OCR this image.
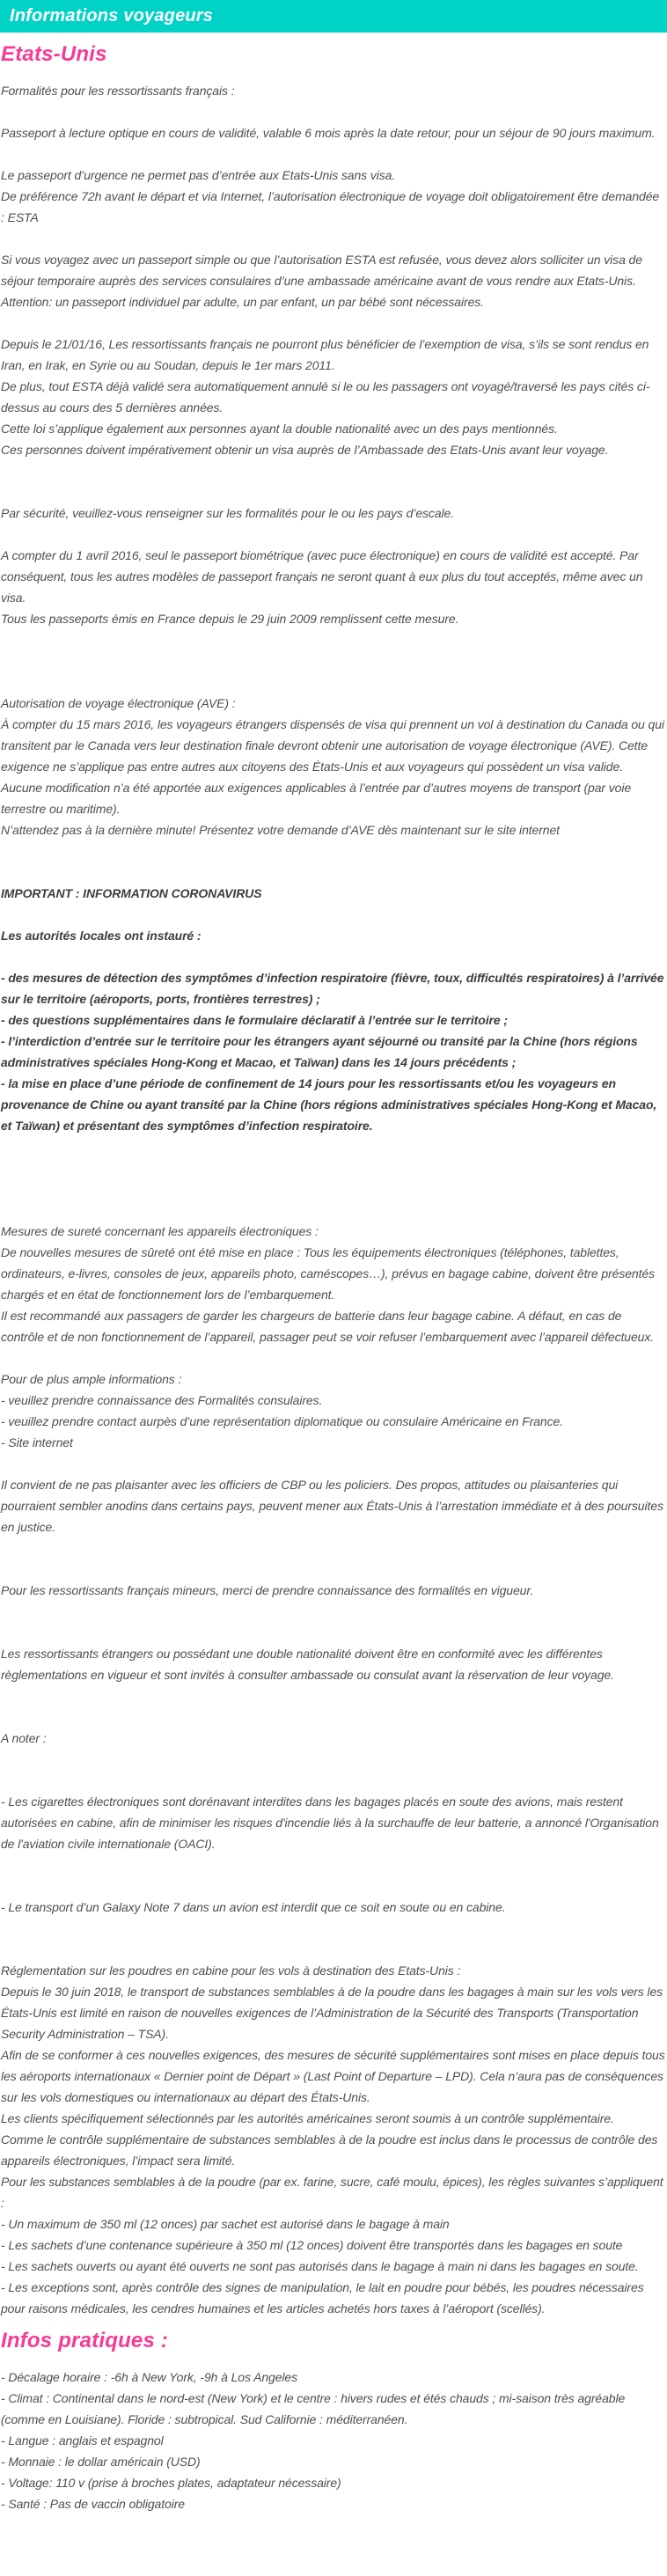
Informations voyageurs
Etats-Unis

Formalités pour les ressortissants français :

Passeport à lecture optique en cours de validité, valable 6 mois après la date retour, pour un séjour de 90 jours maximum.

Le passeport d’urgence ne permet pas d’entrée aux Etats-Unis sans visa.

De préférence 72h avant le départ et via Internet, l’autorisation électronique de voyage doit obligatoirement être demandée : ESTA

Si vous voyagez avec un passeport simple ou que l’autorisation ESTA est refusée, vous devez alors solliciter un visa de séjour temporaire auprès des services consulaires d’une ambassade américaine avant de vous rendre aux Etats-Unis.

Attention: un passeport individuel par adulte, un par enfant, un par bébé sont nécessaires.

Depuis le 21/01/16, Les ressortissants français ne pourront plus bénéficier de l’exemption de visa, s’ils se sont rendus en Iran, en Irak, en Syrie ou au Soudan, depuis le 1er mars 2011.

De plus, tout ESTA déjà validé sera automatiquement annulé si le ou les passagers ont voyagé/traversé les pays cités ci-dessus au cours des 5 dernières années.

Cette loi s’applique également aux personnes ayant la double nationalité avec un des pays mentionnés.

Ces personnes doivent impérativement obtenir un visa auprès de l’Ambassade des Etats-Unis avant leur voyage.

Par sécurité, veuillez-vous renseigner sur les formalités pour le ou les pays d’escale.

A compter du 1 avril 2016, seul le passeport biométrique (avec puce électronique) en cours de validité est accepté. Par conséquent, tous les autres modèles de passeport français ne seront quant à eux plus du tout acceptés, même avec un visa.

Tous les passeports émis en France depuis le 29 juin 2009 remplissent cette mesure.

Autorisation de voyage électronique (AVE) :

À compter du 15 mars 2016, les voyageurs étrangers dispensés de visa qui prennent un vol à destination du Canada ou qui transitent par le Canada vers leur destination finale devront obtenir une autorisation de voyage électronique (AVE). Cette exigence ne s’applique pas entre autres aux citoyens des États-Unis et aux voyageurs qui possèdent un visa valide. Aucune modification n’a été apportée aux exigences applicables à l’entrée par d’autres moyens de transport (par voie terrestre ou maritime).

N’attendez pas à la dernière minute! Présentez votre demande d’AVE dès maintenant sur le site internet

IMPORTANT : INFORMATION CORONAVIRUS

Les autorités locales ont instauré :

- des mesures de détection des symptômes d’infection respiratoire (fièvre, toux, difficultés respiratoires) à l’arrivée sur le territoire (aéroports, ports, frontières terrestres) ;

- des questions supplémentaires dans le formulaire déclaratif à l’entrée sur le territoire ;

- l’interdiction d’entrée sur le territoire pour les étrangers ayant séjourné ou transité par la Chine (hors régions administratives spéciales Hong-Kong et Macao, et Taïwan) dans les 14 jours précédents ;

- la mise en place d’une période de confinement de 14 jours pour les ressortissants et/ou les voyageurs en provenance de Chine ou ayant transité par la Chine (hors régions administratives spéciales Hong-Kong et Macao, et Taïwan) et présentant des symptômes d’infection respiratoire.

Mesures de sureté concernant les appareils électroniques :

De nouvelles mesures de sûreté ont été mise en place : Tous les équipements électroniques (téléphones, tablettes, ordinateurs, e-livres, consoles de jeux, appareils photo, caméscopes…), prévus en bagage cabine, doivent être présentés chargés et en état de fonctionnement lors de l’embarquement.

Il est recommandé aux passagers de garder les chargeurs de batterie dans leur bagage cabine. A défaut, en cas de contrôle et de non fonctionnement de l’appareil, passager peut se voir refuser l’embarquement avec l’appareil défectueux.

Pour de plus ample informations :

- veuillez prendre connaissance des Formalités consulaires.

- veuillez prendre contact aurpès d’une représentation diplomatique ou consulaire Américaine en France.

- Site internet

Il convient de ne pas plaisanter avec les officiers de CBP ou les policiers. Des propos, attitudes ou plaisanteries qui pourraient sembler anodins dans certains pays, peuvent mener aux États-Unis à l’arrestation immédiate et à des poursuites en justice.

Pour les ressortissants français mineurs, merci de prendre connaissance des formalités en vigueur.

Les ressortissants étrangers ou possédant une double nationalité doivent être en conformité avec les différentes règlementations en vigueur et sont invités à consulter ambassade ou consulat avant la réservation de leur voyage.

A noter :

- Les cigarettes électroniques sont dorénavant interdites dans les bagages placés en soute des avions, mais restent autorisées en cabine, afin de minimiser les risques d'incendie liés à la surchauffe de leur batterie, a annoncé l'Organisation de l'aviation civile internationale (OACI).

- Le transport d’un Galaxy Note 7 dans un avion est interdit que ce soit en soute ou en cabine.

Réglementation sur les poudres en cabine pour les vols à destination des Etats-Unis :

Depuis le 30 juin 2018, le transport de substances semblables à de la poudre dans les bagages à main sur les vols vers les États-Unis est limité en raison de nouvelles exigences de l’Administration de la Sécurité des Transports (Transportation Security Administration – TSA).

Afin de se conformer à ces nouvelles exigences, des mesures de sécurité supplémentaires sont mises en place depuis tous les aéroports internationaux « Dernier point de Départ » (Last Point of Departure – LPD). Cela n’aura pas de conséquences sur les vols domestiques ou internationaux au départ des États-Unis.

Les clients spécifiquement sélectionnés par les autorités américaines seront soumis à un contrôle supplémentaire.

Comme le contrôle supplémentaire de substances semblables à de la poudre est inclus dans le processus de contrôle des appareils électroniques, l’impact sera limité.

Pour les substances semblables à de la poudre (par ex. farine, sucre, café moulu, épices), les règles suivantes s’appliquent :

- Un maximum de 350 ml (12 onces) par sachet est autorisé dans le bagage à main

- Les sachets d’une contenance supérieure à 350 ml (12 onces) doivent être transportés dans les bagages en soute

- Les sachets ouverts ou ayant été ouverts ne sont pas autorisés dans le bagage à main ni dans les bagages en soute.

- Les exceptions sont, après contrôle des signes de manipulation, le lait en poudre pour bébés, les poudres nécessaires pour raisons médicales, les cendres humaines et les articles achetés hors taxes à l’aéroport (scellés).

Infos pratiques :

- Décalage horaire : -6h à New York, -9h à Los Angeles

- Climat : Continental dans le nord-est (New York) et le centre : hivers rudes et étés chauds ; mi-saison très agréable (comme en Louisiane). Floride : subtropical. Sud Californie : méditerranéen.

- Langue : anglais et espagnol

- Monnaie : le dollar américain (USD)

- Voltage: 110 v (prise à broches plates, adaptateur nécessaire)

- Santé : Pas de vaccin obligatoire
